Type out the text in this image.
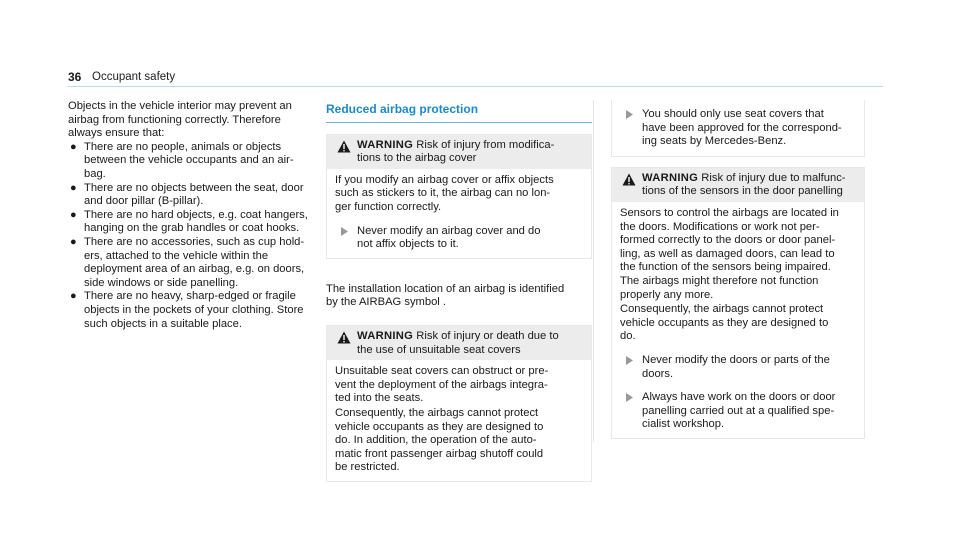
36 Occupant safety

Objects in the vehicle interior may prevent an
airbag from functioning correctly. Therefore
always ensure that:

● There are no people, animals or objects
between the vehicle occupants and an air-
bag.
● There are no objects between the seat, door
and door pillar (B-pillar).
● There are no hard objects, e.g. coat hangers,
hanging on the grab handles or coat hooks.
● There are no accessories, such as cup hold-
ers, attached to the vehicle within the
deployment area of an airbag, e.g. on doors,
side windows or side panelling.
● There are no heavy, sharp-edged or fragile
objects in the pockets of your clothing. Store
such objects in a suitable place.
Reduced airbag protection
WARNING Risk of injury from modifica-
tions to the airbag cover

If you modify an airbag cover or affix objects
such as stickers to it, the airbag can no lon-
ger function correctly.

Never modify an airbag cover and do
not affix objects to it.

The installation location of an airbag is identified
by the AIRBAG symbol .

WARNING Risk of injury or death due to
the use of unsuitable seat covers

Unsuitable seat covers can obstruct or pre-
vent the deployment of the airbags integra-
ted into the seats.

Consequently, the airbags cannot protect
vehicle occupants as they are designed to
do. In addition, the operation of the auto-
matic front passenger airbag shutoff could
be restricted.

You should only use seat covers that
have been approved for the correspond-
ing seats by Mercedes-Benz.
WARNING Risk of injury due to malfunc-
tions of the sensors in the door panelling

Sensors to control the airbags are located in
the doors. Modifications or work not per-
formed correctly to the doors or door panel-
ling, as well as damaged doors, can lead to
the function of the sensors being impaired.
The airbags might therefore not function
properly any more.

Consequently, the airbags cannot protect
vehicle occupants as they are designed to
do.

Never modify the doors or parts of the
doors.
Always have work on the doors or door
panelling carried out at a qualified spe-
cialist workshop.
